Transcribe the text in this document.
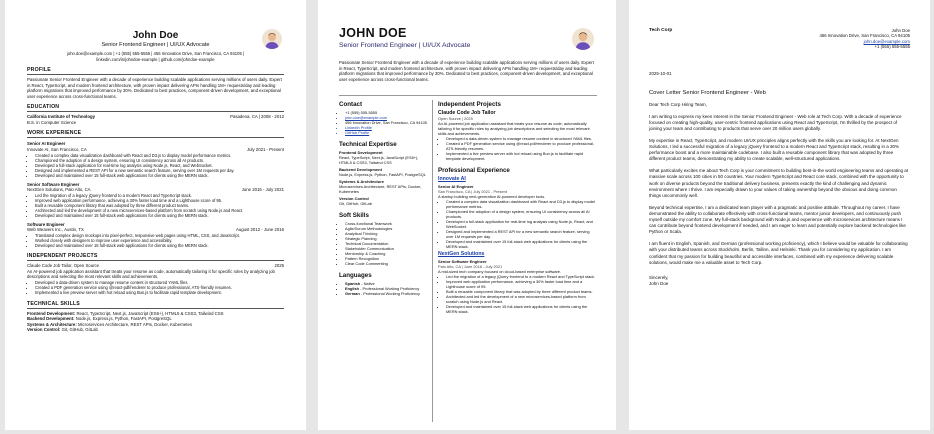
John Doe
Senior Frontend Engineer | UI/UX Advocate
john.doe@example.com | +1 (555) 555-5555 | 456 Innovation Drive, San Francisco, CA 94105 |
linkedin.com/in/johndoe-example | github.com/johndoe-example
PROFILE
Passionate Senior Frontend Engineer with a decade of experience building scalable applications serving millions of users daily. Expert in React, TypeScript, and modern frontend architecture, with proven impact delivering APIs handling 1M+ requests/day and leading platform migrations that improved performance by 30%. Dedicated to best practices, component-driven development, and exceptional user experience across cross-functional teams.
EDUCATION
California Institute of Technology	Pasadena, CA | 2008 - 2012
B.S. in Computer Science
WORK EXPERIENCE
Senior AI Engineer
Innovate AI, San Francisco, CA	July 2021 - Present
• Created a complex data visualization dashboard with React and D3.js to display model performance metrics.
• Championed the adoption of a design system, ensuring UI consistency across all AI products.
• Developed a full-stack application for real-time log analysis using Node.js, React, and WebSocket.
• Designed and implemented a REST API for a new semantic search feature, serving over 1M requests per day.
• Developed and maintained over 15 full-stack web applications for clients using the MERN stack.
Senior Software Engineer
NextGen Solutions, Palo Alto, CA	June 2016 - July 2021
• Led the migration of a legacy jQuery frontend to a modern React and TypeScript stack.
• Improved web application performance, achieving a 30% faster load time and a Lighthouse score of 95.
• Built a reusable component library that was adopted by three different product teams.
• Architected and led the development of a new microservices-based platform from scratch using Node.js and React.
• Developed and maintained over 15 full-stack web applications for clients using the MERN stack.
Software Engineer
Web Weavers Inc., Austin, TX	August 2012 - June 2016
• Translated complex design mockups into pixel-perfect, responsive web pages using HTML, CSS, and JavaScript.
• Worked closely with designers to improve user experience and accessibility.
• Developed and maintained over 15 full-stack web applications for clients using the MERN stack.
INDEPENDENT PROJECTS
Claude Code Job Tailor, Open Source	2025
An AI-powered job application assistant that treats your resume as code, automatically tailoring it for specific roles by analyzing job descriptions and selecting the most relevant skills and achievements.
• Developed a data-driven system to manage resume content in structured YAML files.
• Created a PDF generation service using @react-pdf/renderer to produce professional, ATS-friendly resumes.
• Implemented a live preview server with hot reload using Bun.js to facilitate rapid template development.
TECHNICAL SKILLS
Frontend Development: React, TypeScript, Next.js, JavaScript (ES6+), HTML5 & CSS3, Tailwind CSS
Backend Development: Node.js, Express.js, Python, FastAPI, PostgreSQL
Systems & Architecture: Microservices Architecture, REST APIs, Docker, Kubernetes
Version Control: Git, GitHub, GitLab
JOHN DOE
Senior Frontend Engineer | UI/UX Advocate
Passionate Senior Frontend Engineer with a decade of experience building scalable applications serving millions of users daily. Expert in React, TypeScript, and modern frontend architecture, with proven impact delivering APIs handling 1M+ requests/day and leading platform migrations that improved performance by 30%. Dedicated to best practices, component-driven development, and exceptional user experience across cross-functional teams.
Contact
• +1 (555) 555-5555
• john.doe@example.com
• 456 Innovation Drive, San Francisco, CA 94105
• LinkedIn Profile
• GitHub Profile
Technical Expertise
Frontend Development
React, TypeScript, Next.js, JavaScript (ES6+), HTML5 & CSS3, Tailwind CSS
Backend Development
Node.js, Express.js, Python, FastAPI, PostgreSQL
Systems & Architecture
Microservices Architecture, REST APIs, Docker, Kubernetes
Version Control
Git, GitHub, GitLab
Soft Skills
• Cross-functional Teamwork
• Agile/Scrum Methodologies
• Analytical Thinking
• Strategic Planning
• Technical Documentation
• Stakeholder Communication
• Mentorship & Coaching
• Pattern Recognition
• Clear Code Commenting
Languages
• Spanish - Native
• English - Professional Working Proficiency
• German - Professional Working Proficiency
Independent Projects
Claude Code Job Tailor
Open Source | 2025
An AI-powered job application assistant that treats your resume as code, automatically tailoring it for specific roles by analyzing job descriptions and selecting the most relevant skills and achievements.
• Developed a data-driven system to manage resume content in structured YAML files.
• Created a PDF generation service using @react-pdf/renderer to produce professional, ATS-friendly resumes.
• Implemented a live preview server with hot reload using Bun.js to facilitate rapid template development.
Professional Experience
Innovate AI
Senior AI Engineer
San Francisco, CA | July 2021 - Present
A startup building next-generation AI-powered developer tools.
• Created a complex data visualization dashboard with React and D3.js to display model performance metrics.
• Championed the adoption of a design system, ensuring UI consistency across all AI products.
• Developed a full-stack application for real-time log analysis using Node.js, React, and WebSocket.
• Designed and implemented a REST API for a new semantic search feature, serving over 1M requests per day.
• Developed and maintained over 15 full-stack web applications for clients using the MERN stack.
NextGen Solutions
Senior Software Engineer
Palo Alto, CA | June 2016 - July 2021
A mid-sized tech company focused on cloud-based enterprise software.
• Led the migration of a legacy jQuery frontend to a modern React and TypeScript stack.
• Improved web application performance, achieving a 30% faster load time and a Lighthouse score of 95.
• Built a reusable component library that was adopted by three different product teams.
• Architected and led the development of a new microservices-based platform from scratch using Node.js and React.
• Developed and maintained over 15 full-stack web applications for clients using the MERN stack.
Tech Corp	John Doe
456 Innovation Drive, San Francisco, CA 94105
john.doe@example.com
+1 (555) 555-5555
2025-10-01
Cover Letter Senior Frontend Engineer - Web
Dear Tech Corp Hiring Team,
I am writing to express my keen interest in the Senior Frontend Engineer - Web role at Tech Corp. With a decade of experience focused on creating high-quality, user-centric frontend applications using React and TypeScript, I'm thrilled by the prospect of joining your team and contributing to products that serve over 20 million users globally.
My expertise in React, TypeScript, and modern UI/UX principles aligns perfectly with the skills you are looking for. At NextGen Solutions, I led a successful migration of a legacy jQuery frontend to a modern React and TypeScript stack, resulting in a 30% performance boost and a more maintainable codebase. I also built a reusable component library that was adopted by three different product teams, demonstrating my ability to create scalable, well-structured applications.
What particularly excites me about Tech Corp is your commitment to building best-in-the world engineering teams and operating at massive scale across 100 cities in 50 countries. Your modern TypeScript and React core stack, combined with the opportunity to work on diverse products beyond the traditional delivery business, presents exactly the kind of challenging and dynamic environment where I thrive. I am especially drawn to your values of taking ownership beyond the obvious and doing common things uncommonly well.
Beyond technical expertise, I am a dedicated team player with a pragmatic and positive attitude. Throughout my career, I have demonstrated the ability to collaborate effectively with cross-functional teams, mentor junior developers, and continuously push myself outside my comfort zone. My full-stack background with Node.js and experience with microservices architecture means I can contribute beyond frontend development if needed, and I am eager to learn and potentially explore backend technologies like Python or Scala.
I am fluent in English, Spanish, and German (professional working proficiency), which I believe would be valuable for collaborating with your distributed teams across Stockholm, Berlin, Tallinn, and Helsinki. Thank you for considering my application. I am confident that my passion for building beautiful and accessible interfaces, combined with my experience delivering scalable solutions, would make me a valuable asset to Tech Corp.
Sincerely,
John Doe
